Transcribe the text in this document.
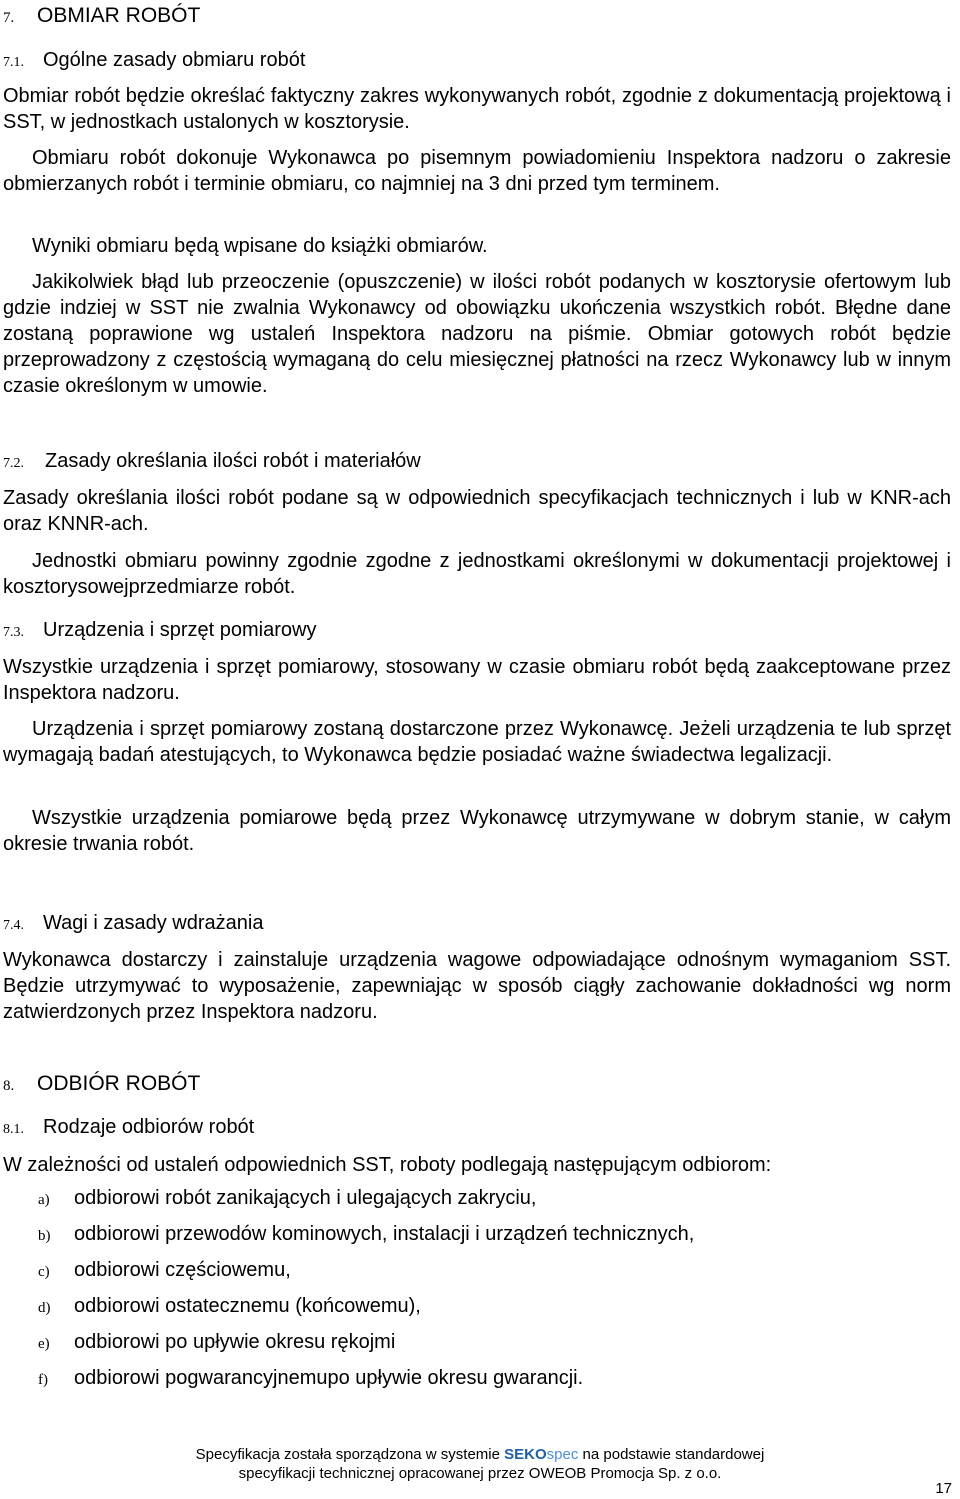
7. OBMIAR ROBÓT
7.1. Ogólne zasady obmiaru robót
Obmiar robót będzie określać faktyczny zakres wykonywanych robót, zgodnie z dokumentacją projektową i SST, w jednostkach ustalonych w kosztorysie.
Obmiaru robót dokonuje Wykonawca po pisemnym powiadomieniu Inspektora nadzoru o zakresie obmierzanych robót i terminie obmiaru, co najmniej na 3 dni przed tym terminem.
Wyniki obmiaru będą wpisane do książki obmiarów.
Jakikolwiek błąd lub przeoczenie (opuszczenie) w ilości robót podanych w kosztorysie ofertowym lub gdzie indziej w SST nie zwalnia Wykonawcy od obowiązku ukończenia wszystkich robót. Błędne dane zostaną poprawione wg ustaleń Inspektora nadzoru na piśmie. Obmiar gotowych robót będzie przeprowadzony z częstością wymaganą do celu miesięcznej płatności na rzecz Wykonawcy lub w innym czasie określonym w umowie.
7.2. Zasady określania ilości robót i materiałów
Zasady określania ilości robót podane są w odpowiednich specyfikacjach technicznych i lub w KNR-ach oraz KNNR-ach.
Jednostki obmiaru powinny zgodnie zgodne z jednostkami określonymi w dokumentacji projektowej i kosztorysowejprzedmiarze robót.
7.3. Urządzenia i sprzęt pomiarowy
Wszystkie urządzenia i sprzęt pomiarowy, stosowany w czasie obmiaru robót będą zaakceptowane przez Inspektora nadzoru.
Urządzenia i sprzęt pomiarowy zostaną dostarczone przez Wykonawcę. Jeżeli urządzenia te lub sprzęt wymagają badań atestujących, to Wykonawca będzie posiadać ważne świadectwa legalizacji.
Wszystkie urządzenia pomiarowe będą przez Wykonawcę utrzymywane w dobrym stanie, w całym okresie trwania robót.
7.4. Wagi i zasady wdrażania
Wykonawca dostarczy i zainstaluje urządzenia wagowe odpowiadające odnośnym wymaganiom SST. Będzie utrzymywać to wyposażenie, zapewniając w sposób ciągły zachowanie dokładności wg norm zatwierdzonych przez Inspektora nadzoru.
8. ODBIÓR ROBÓT
8.1. Rodzaje odbiorów robót
W zależności od ustaleń odpowiednich SST, roboty podlegają następującym odbiorom:
a) odbiorowi robót zanikających i ulegających zakryciu,
b) odbiorowi przewodów kominowych, instalacji i urządzeń technicznych,
c) odbiorowi częściowemu,
d) odbiorowi ostatecznemu (końcowemu),
e) odbiorowi po upływie okresu rękojmi
f) odbiorowi pogwarancyjnemupo upływie okresu gwarancji.
Specyfikacja została sporządzona w systemie SEKOspec na podstawie standardowej
specyfikacji technicznej opracowanej przez OWEOB Promocja Sp. z o.o.
17
